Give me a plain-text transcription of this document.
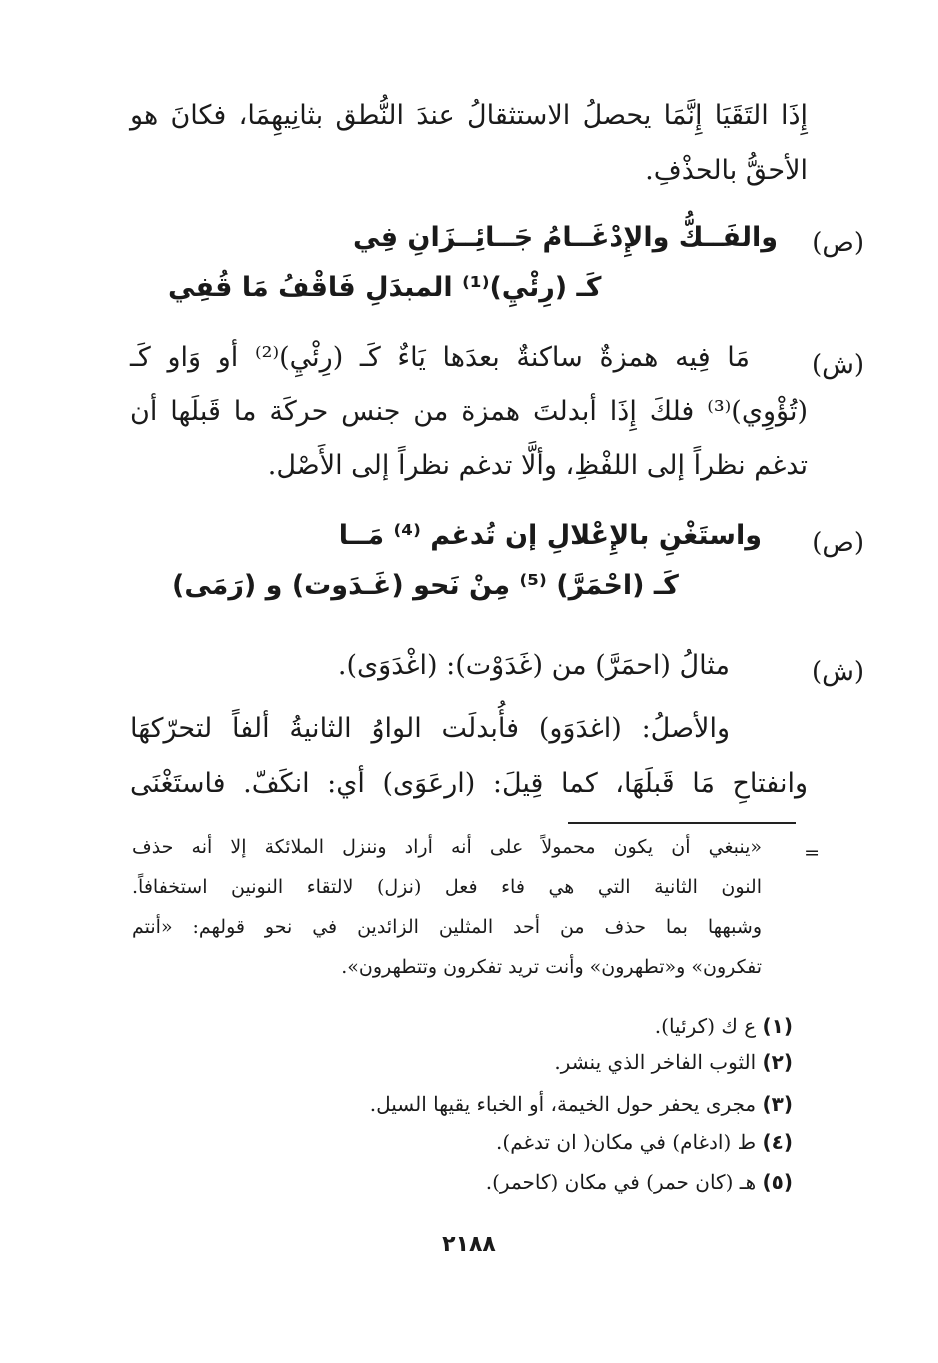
إِذَا التَقَيَا إِنَّمَا يحصلُ الاستثقالُ عندَ النُّطق بثانِيهِمَا، فكانَ هو
الأحقُّ بالحذْفِ.
(ص)
والفَــكُّ والإِدْغَــامُ جَــائِــزَانِ فِي
كَـ (رِئْيِ)⁽¹⁾ المبدَلِ فَاقْفُ مَا قُفِي
(ش)
مَا فِيه همزةٌ ساكنةٌ بعدَها يَاءٌ كَـ (رِئْيِ)⁽²⁾ أو وَاو كَـ
(تُؤْوِي)⁽³⁾ فلكَ إِذَا أبدلتَ همزة من جنس حركَة ما قَبلَها أن
تدغم نظراً إلى اللفْظِ، وألَّا تدغم نظراً إلى الأَصْل.
(ص)
واستَغْنِ بالإِعْلالِ إن تُدغم ⁽⁴⁾ مَــا
كَـ (احْمَرَّ) ⁽⁵⁾ مِنْ نَحو (غَـدَوت) و (رَمَى)
(ش)
مثالُ (احمَرَّ) من (غَدَوْت): (اغْدَوَى).
والأصلُ: (اغدَوَو) فأُبدلَت الواوُ الثانيةُ ألفاً لتحرّكهَا
وانفتاحِ مَا قَبلَهَا، كما قِيلَ: (ارعَوَى) أي: انكَفّ. فاستَغْنَى
=
«ينبغي أن يكون محمولاً على أنه أراد وننزل الملائكة إلا أنه حذف
النون الثانية التي هي فاء فعل (نزل) لالتقاء النونين استخفافاً.
وشبهها بما حذف من أحد المثلين الزائدين في نحو قولهم: «أنتم
تفكرون» و«تطهرون» وأنت تريد تفكرون وتتطهرون».
(١) ع ك (كرئيا).
(٢) الثوب الفاخر الذي ينشر.
(٣) مجرى يحفر حول الخيمة، أو الخباء يقيها السيل.
(٤) ط (ادغام) في مكان( ان تدغم).
(٥) هـ (كان حمر) في مكان (كاحمر).
٢١٨٨
